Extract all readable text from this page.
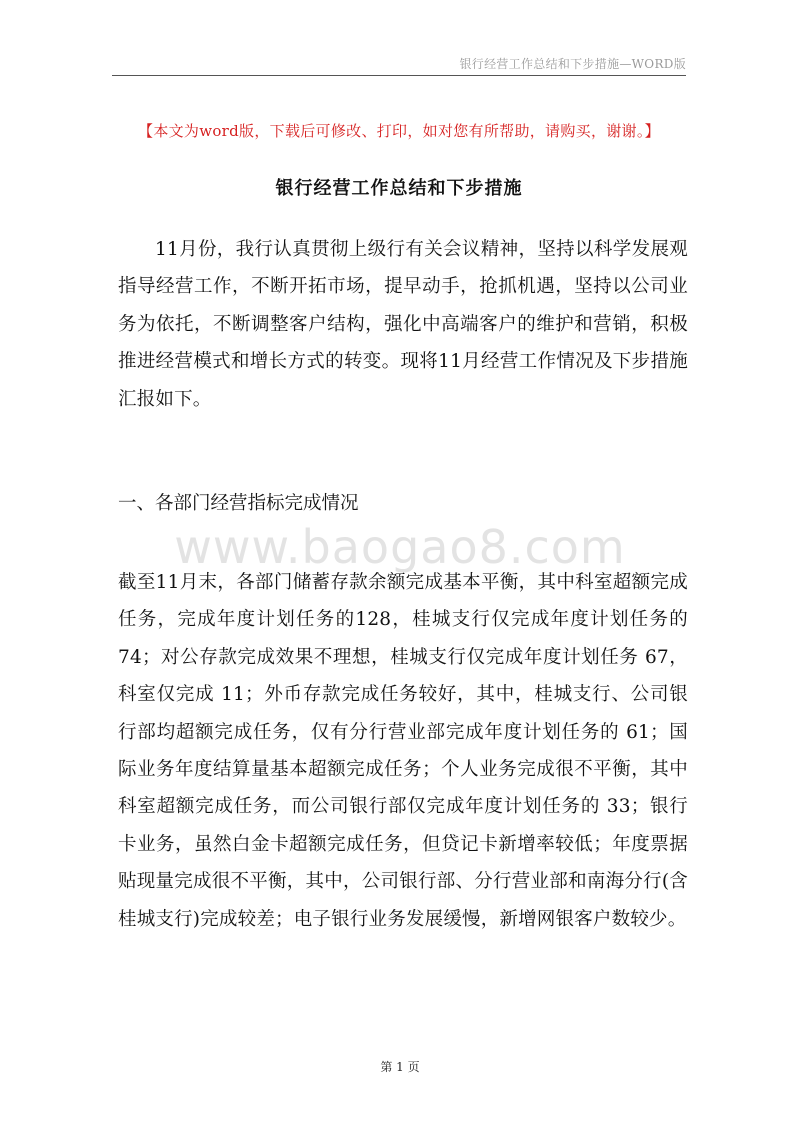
银行经营工作总结和下步措施—WORD版
【本文为word版，下载后可修改、打印，如对您有所帮助，请购买，谢谢。】
银行经营工作总结和下步措施
11月份，我行认真贯彻上级行有关会议精神，坚持以科学发展观指导经营工作，不断开拓市场，提早动手，抢抓机遇，坚持以公司业务为依托，不断调整客户结构，强化中高端客户的维护和营销，积极推进经营模式和增长方式的转变。现将11月经营工作情况及下步措施汇报如下。
一、各部门经营指标完成情况
www.baogao8.com
截至11月末，各部门储蓄存款余额完成基本平衡，其中科室超额完成任务，完成年度计划任务的128，桂城支行仅完成年度计划任务的74；对公存款完成效果不理想，桂城支行仅完成年度计划任务 67，科室仅完成 11；外币存款完成任务较好，其中，桂城支行、公司银行部均超额完成任务，仅有分行营业部完成年度计划任务的 61；国际业务年度结算量基本超额完成任务；个人业务完成很不平衡，其中科室超额完成任务，而公司银行部仅完成年度计划任务的 33；银行卡业务，虽然白金卡超额完成任务，但贷记卡新增率较低；年度票据贴现量完成很不平衡，其中，公司银行部、分行营业部和南海分行(含桂城支行)完成较差；电子银行业务发展缓慢，新增网银客户数较少。
第 1 页
